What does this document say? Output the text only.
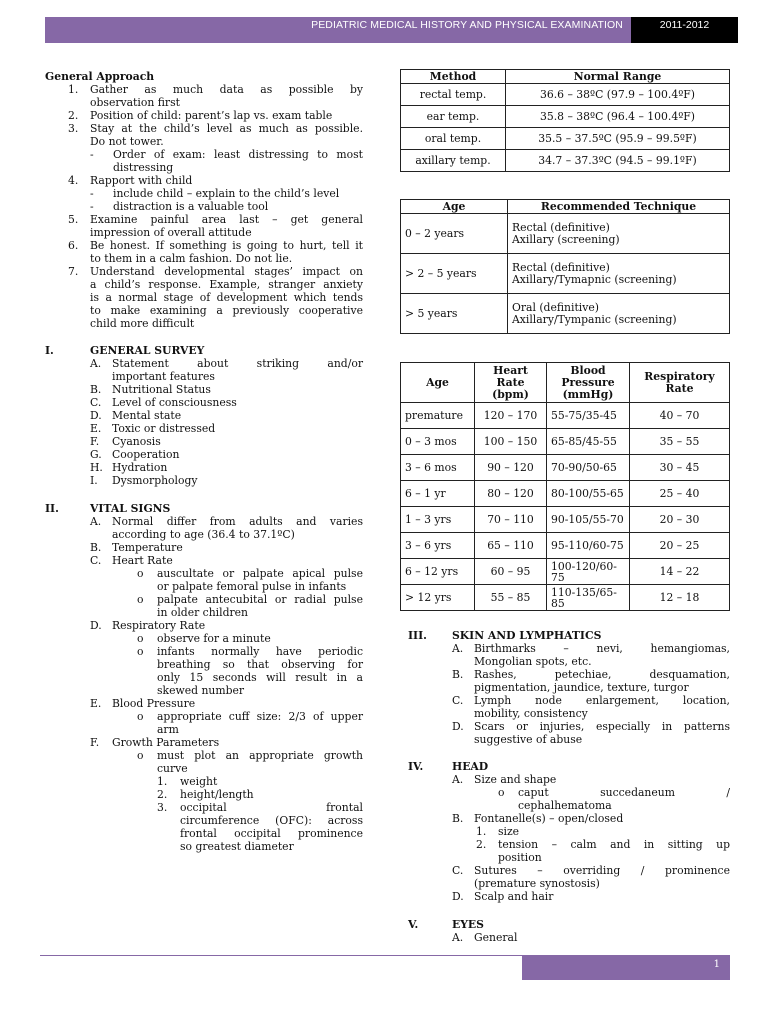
PEDIATRIC MEDICAL HISTORY AND PHYSICAL EXAMINATION	2011-2012
General Approach
1. Gather as much data as possible by
observation first
2. Position of child: parent’s lap vs. exam table
3. Stay at the child’s level as much as possible.
Do not tower.
- Order of exam: least distressing to most
distressing
4. Rapport with child
- include child – explain to the child’s level
- distraction is a valuable tool
5. Examine painful area last – get general
impression of overall attitude
6. Be honest. If something is going to hurt, tell it
to them in a calm fashion. Do not lie.
7. Understand developmental stages’ impact on
a child’s response. Example, stranger anxiety
is a normal stage of development which tends
to make examining a previously cooperative
child more difficult
I.	GENERAL SURVEY
A. Statement about striking and/or
important features
B. Nutritional Status
C. Level of consciousness
D. Mental state
E. Toxic or distressed
F. Cyanosis
G. Cooperation
H. Hydration
I. Dysmorphology
II.	VITAL SIGNS
A. Normal differ from adults and varies
according to age (36.4 to 37.1ºC)
B. Temperature
C. Heart Rate
o auscultate or palpate apical pulse
or palpate femoral pulse in infants
o palpate antecubital or radial pulse
in older children
D. Respiratory Rate
o observe for a minute
o infants normally have periodic
breathing so that observing for
only 15 seconds will result in a
skewed number
E. Blood Pressure
o appropriate cuff size: 2/3 of upper
arm
F. Growth Parameters
o must plot an appropriate growth
curve
1. weight
2. height/length
3. occipital frontal
circumference (OFC): across
frontal occipital prominence
so greatest diameter
Method	Normal Range
rectal temp.	36.6 – 38ºC (97.9 – 100.4ºF)
ear temp.	35.8 – 38ºC (96.4 – 100.4ºF)
oral temp.	35.5 – 37.5ºC (95.9 – 99.5ºF)
axillary temp.	34.7 – 37.3ºC (94.5 – 99.1ºF)
Age	Recommended Technique
0 – 2 years	Rectal (definitive)
Axillary (screening)

> 2 – 5 years	Rectal (definitive)
Axillary/Tymapnic (screening)

> 5 years	Oral (definitive)
Axillary/Tympanic (screening)
Age	Heart Rate (bpm)	Blood Pressure (mmHg)	Respiratory Rate
premature	120 – 170	55-75/35-45	40 – 70
0 – 3 mos	100 – 150	65-85/45-55	35 – 55
3 – 6 mos	90 – 120	70-90/50-65	30 – 45
6 – 1 yr	80 – 120	80-100/55-65	25 – 40
1 – 3 yrs	70 – 110	90-105/55-70	20 – 30
3 – 6 yrs	65 – 110	95-110/60-75	20 – 25
6 – 12 yrs	60 – 95	100-120/60-75	14 – 22
> 12 yrs	55 – 85	110-135/65-85	12 – 18
III. SKIN AND LYMPHATICS
A. Birthmarks – nevi, hemangiomas,
Mongolian spots, etc.
B. Rashes, petechiae, desquamation,
pigmentation, jaundice, texture, turgor
C. Lymph node enlargement, location,
mobility, consistency
D. Scars or injuries, especially in patterns
suggestive of abuse
IV.	HEAD
A. Size and shape
o caput succedaneum /
cephalhematoma
B. Fontanelle(s) – open/closed
1. size
2. tension – calm and in sitting up
position
C. Sutures – overriding / prominence
(premature synostosis)
D. Scalp and hair
V.	EYES
A. General
1
